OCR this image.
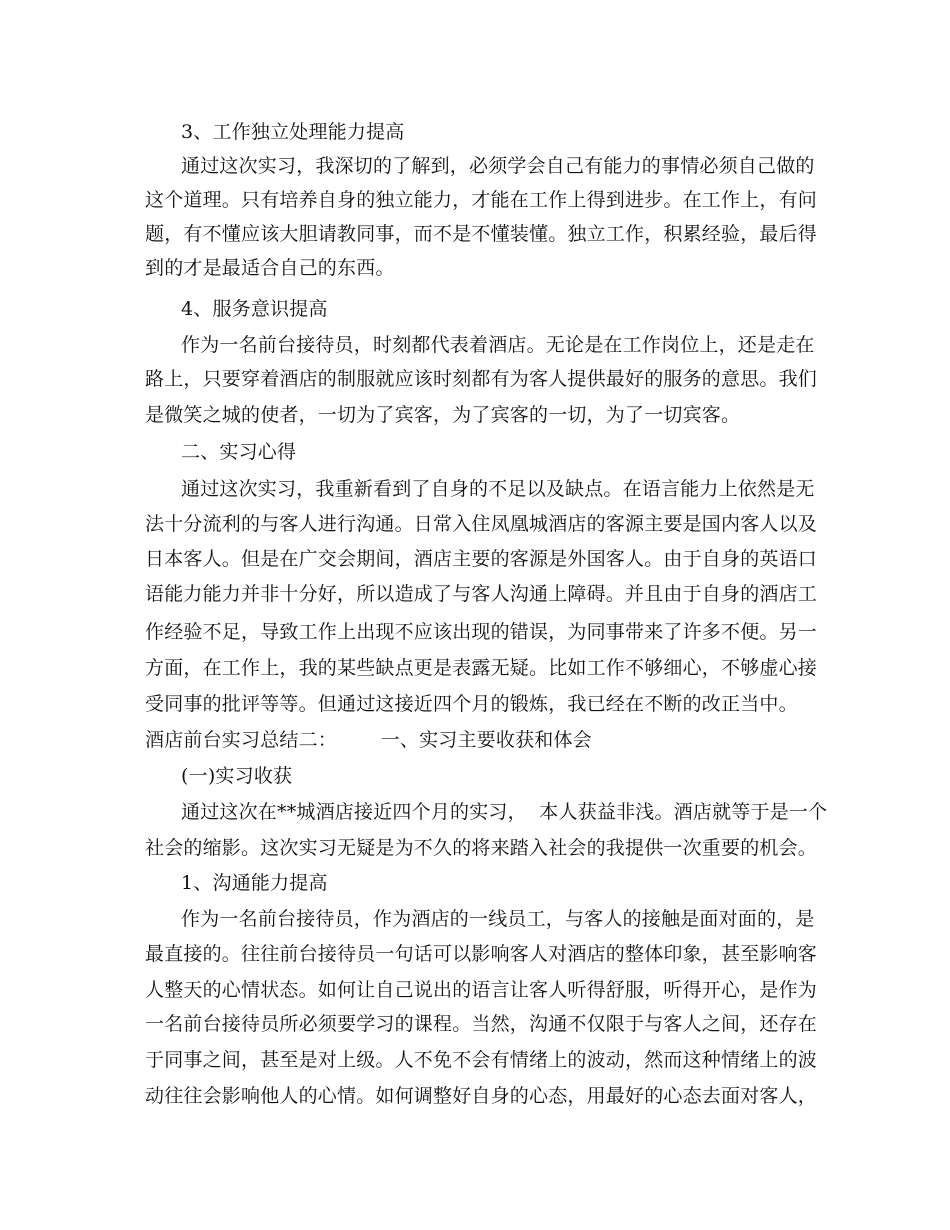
3、工作独立处理能力提高
通过这次实习，我深切的了解到，必须学会自己有能力的事情必须自己做的
这个道理。只有培养自身的独立能力，才能在工作上得到进步。在工作上，有问
题，有不懂应该大胆请教同事，而不是不懂装懂。独立工作，积累经验，最后得
到的才是最适合自己的东西。
4、服务意识提高
作为一名前台接待员，时刻都代表着酒店。无论是在工作岗位上，还是走在
路上，只要穿着酒店的制服就应该时刻都有为客人提供最好的服务的意思。我们
是微笑之城的使者，一切为了宾客，为了宾客的一切，为了一切宾客。
二、实习心得
通过这次实习，我重新看到了自身的不足以及缺点。在语言能力上依然是无
法十分流利的与客人进行沟通。日常入住凤凰城酒店的客源主要是国内客人以及
日本客人。但是在广交会期间，酒店主要的客源是外国客人。由于自身的英语口
语能力能力并非十分好，所以造成了与客人沟通上障碍。并且由于自身的酒店工
作经验不足，导致工作上出现不应该出现的错误，为同事带来了许多不便。另一
方面，在工作上，我的某些缺点更是表露无疑。比如工作不够细心，不够虚心接
受同事的批评等等。但通过这接近四个月的锻炼，我已经在不断的改正当中。
酒店前台实习总结二：       一、实习主要收获和体会
(一)实习收获
通过这次在**城酒店接近四个月的实习，  本人获益非浅。酒店就等于是一个
社会的缩影。这次实习无疑是为不久的将来踏入社会的我提供一次重要的机会。
1、沟通能力提高
作为一名前台接待员，作为酒店的一线员工，与客人的接触是面对面的，是
最直接的。往往前台接待员一句话可以影响客人对酒店的整体印象，甚至影响客
人整天的心情状态。如何让自己说出的语言让客人听得舒服，听得开心，是作为
一名前台接待员所必须要学习的课程。当然，沟通不仅限于与客人之间，还存在
于同事之间，甚至是对上级。人不免不会有情绪上的波动，然而这种情绪上的波
动往往会影响他人的心情。如何调整好自身的心态，用最好的心态去面对客人，
